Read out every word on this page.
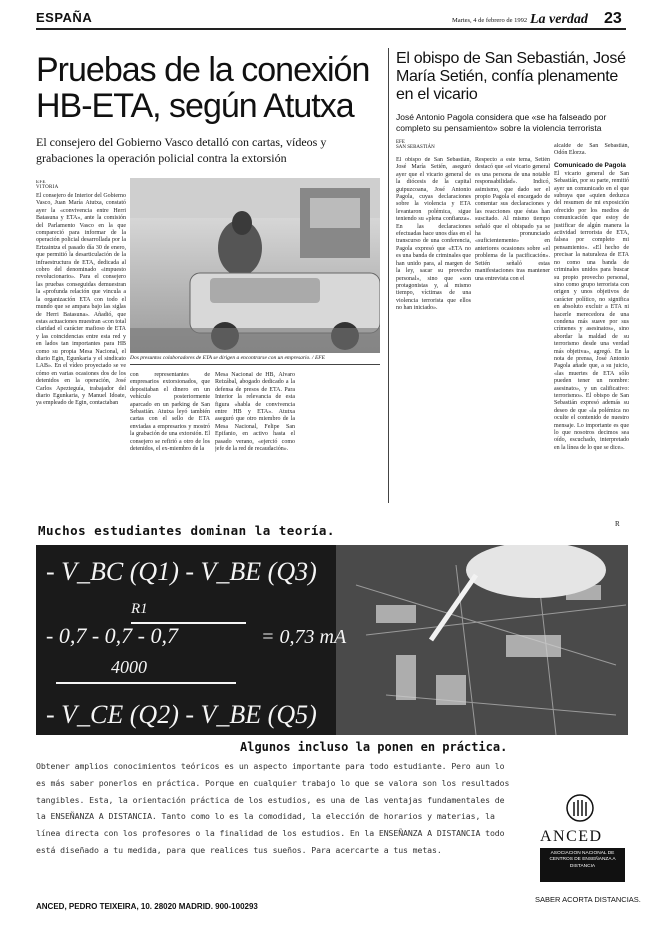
ESPAÑA	Martes, 4 de febrero de 1992 La verdad 23
Pruebas de la conexión HB-ETA, según Atutxa
El consejero del Gobierno Vasco detalló con cartas, vídeos y grabaciones la operación policial contra la extorsión
EFE
VITORIA
El consejero de Interior del Gobierno Vasco, Juan María Atutxa, constató ayer la «convivencia entre Herri Batasuna y ETA», ante la comisión del Parlamento Vasco en la que compareció para informar de la operación policial desarrollada por la Ertzaintza el pasado día 30 de enero, que permitió la desarticulación de la infraestructura de ETA, dedicada al cobro del denominado «impuesto revolucionario». Para el consejero las pruebas conseguidas demuestran la «profunda relación que vincula a la organización ETA con todo el mundo que se ampara bajo las siglas de Herri Batasuna». Añadió, que estas actuaciones muestran «con total claridad el carácter mafioso de ETA y las coincidencias entre esta red y en lados tan importantes para HB como su propia Mesa Nacional, el diario Egin, Egunkaria y el sindicato LAB». En el vídeo proyectado se ve cómo en varias ocasiones dos de los detenidos en la operación, José Carlos Apezteguía, trabajador del diario Egunkaria, y Manuel Idoate, ya empleado de Egin, contactaban
Dos presuntos colaboradores de ETA se dirigen a encontrarse con un empresario. / EFE
con representantes de empresarios extorsionados, que depositaban el dinero en un vehículo posteriormente aparcado en un parking de San Sebastián. Atutxa leyó también cartas con el sello de ETA enviadas a empresarios y mostró la grabación de una extorsión. El consejero se refirió a otro de los detenidos, el ex-miembro de la
Mesa Nacional de HB, Álvaro Reizábal, abogado dedicado a la defensa de presos de ETA. Para Interior la relevancia de esta figura «habla de convivencia entre HB y ETA». Atutxa aseguró que otro miembro de la Mesa Nacional, Felipe San Epifanio, en activo hasta el pasado verano, «ejerció como jefe de la red de recaudación».
El obispo de San Sebastián, José María Setién, confía plenamente en el vicario
José Antonio Pagola considera que «se ha falseado por completo su pensamiento» sobre la violencia terrorista
EFE
SAN SEBASTIÁN
El obispo de San Sebastián, José María Setién, aseguró ayer que el vicario general de la diócesis de la capital guipuzcoana, José Antonio Pagola, cuyas declaraciones sobre la violencia y ETA levantaron polémica, sigue teniendo su «plena confianza». En las declaraciones efectuadas hace unos días en el transcurso de una conferencia, Pagola expresó que «ETA no es una banda de criminales que han unido para, al margen de la ley, sacar su provecho personal», sino que «son protagonistas y, al mismo tiempo, víctimas de una violencia terrorista que ellos no han iniciado».
Respecto a este tema, Setién destacó que «el vicario general es una persona de una notable responsabilidad». Indicó, asimismo, que dado ser el propio Pagola el encargado de comentar sus declaraciones y las reacciones que éstas han suscitado. Al mismo tiempo señaló que el obispado ya se ha pronunciado «suficientemente» en anteriores ocasiones sobre «el problema de la pacificación». Setién señaló estas manifestaciones tras mantener una entrevista con el
alcalde de San Sebastián, Odón Elorza.
Comunicado de Pagola
El vicario general de San Sebastián, por su parte, remitió ayer un comunicado en el que subraya que «quien deduzca del resumen de mi exposición ofrecido por los medios de comunicación que estoy de justificar de algún manera la actividad terrorista de ETA, falsea por completo mi pensamiento». «El hecho de precisar la naturaleza de ETA no como una banda de criminales unidos para buscar su propio provecho personal, sino como grupo terrorista con origen y unos objetivos de carácter político, no significa en absoluto excluir a ETA ni hacerle merecedora de una condena más suave por sus crímenes y asesinatos», sino abordar la maldad de su terrorismo desde una verdad más objetiva», agregó. En la nota de prensa, José Antonio Pagola añade que, a su juicio, «las muertes de ETA sólo pueden tener un nombre: asesinato», y un calificativo: terrorismo». El obispo de San Sebastián expresó además su deseo de que «la polémica no oculte el contenido de nuestro mensaje. Lo importante es que lo que nosotros decimos sea oído, escuchado, interpretado en la línea de lo que se dice».
Muchos estudiantes dominan la teoría.	R
- V_BC (Q1) - V_BE (Q3)
R1
- 0,7 - 0,7 - 0,7	= 0,73 mA
4000
- V_CE (Q2) - V_BE (Q5)
Algunos incluso la ponen en práctica.
Obtener amplios conocimientos teóricos es un aspecto importante para todo estudiante. Pero aun lo es más saber ponerlos en práctica. Porque en cualquier trabajo lo que se valora son los resultados tangibles. Esta, la orientación práctica de los estudios, es una de las ventajas fundamentales de la ENSEÑANZA A DISTANCIA. Tanto como lo es la comodidad, la elección de horarios y materias, la línea directa con los profesores o la finalidad de los estudios. En la ENSEÑANZA A DISTANCIA todo está diseñado a tu medida, para que realices tus sueños. Para acercarte a tus metas.
ANCED, PEDRO TEIXEIRA, 10. 28020 MADRID. 900-100293
ANCED
ASOCIACION NACIONAL DE CENTROS DE ENSEÑANZA A DISTANCIA
SABER ACORTA DISTANCIAS.
